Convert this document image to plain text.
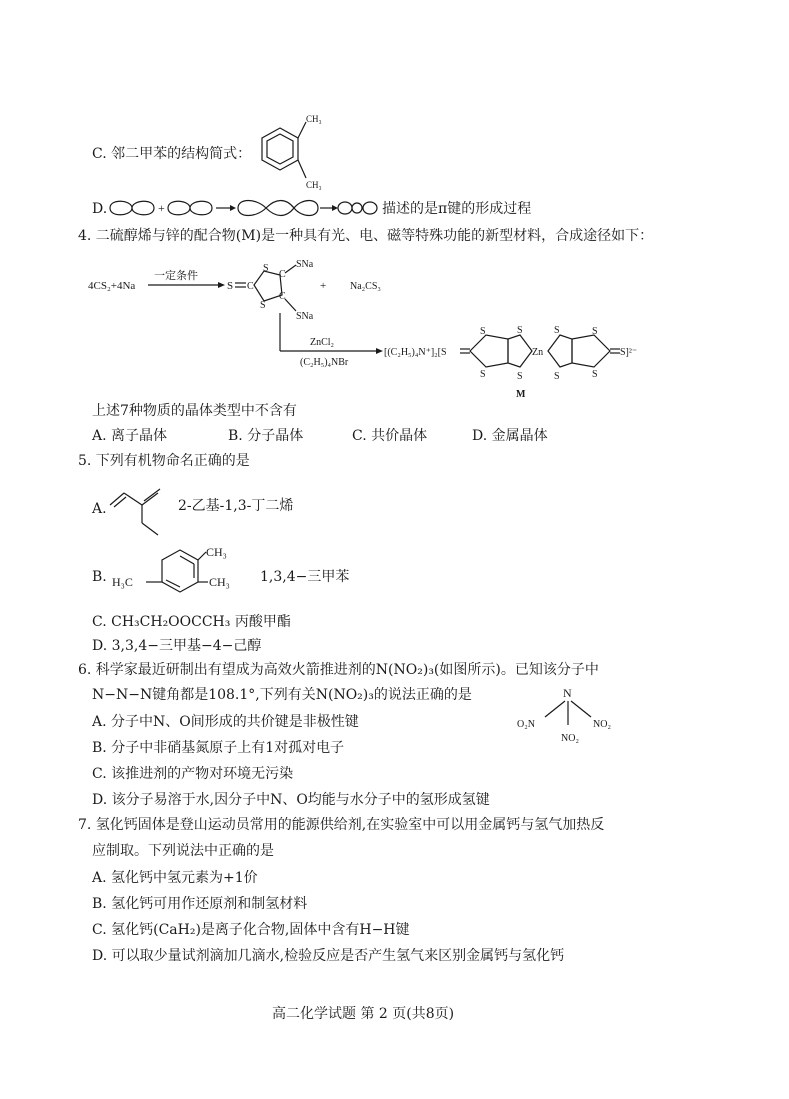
C. 邻二甲苯的结构简式：
CH₃
CH₃
D.	+	描述的是π键的形成过程
4. 二硫醇烯与锌的配合物(M)是一种具有光、电、磁等特殊功能的新型材料，合成途径如下：
4CS₂+4Na
一定条件
S C
S
S
C
C
SNa
SNa
+ Na₂CS₃
ZnCl₂
(C₂H₅)₄NBr
[(C₂H₅)₄N⁺]₂[S
S
S
S
S
Zn
S
S
S
S
S]²⁻
M
上述7种物质的晶体类型中不含有
A. 离子晶体	B. 分子晶体	C. 共价晶体	D. 金属晶体
5. 下列有机物命名正确的是
A.	2-乙基-1,3-丁二烯
B.
CH₃
H₃C	CH₃ 1,3,4−三甲苯
C. CH₃CH₂OOCCH₃ 丙酸甲酯
D. 3,3,4−三甲基−4−己醇
6. 科学家最近研制出有望成为高效火箭推进剂的N(NO₂)₃(如图所示)。已知该分子中
N−N−N键角都是108.1°,下列有关N(NO₂)₃的说法正确的是	N
O₂N	NO₂
NO₂
A. 分子中N、O间形成的共价键是非极性键
B. 分子中非硝基氮原子上有1对孤对电子
C. 该推进剂的产物对环境无污染
D. 该分子易溶于水,因分子中N、O均能与水分子中的氢形成氢键
7. 氢化钙固体是登山运动员常用的能源供给剂,在实验室中可以用金属钙与氢气加热反
应制取。下列说法中正确的是
A. 氢化钙中氢元素为+1价
B. 氢化钙可用作还原剂和制氢材料
C. 氢化钙(CaH₂)是离子化合物,固体中含有H−H键
D. 可以取少量试剂滴加几滴水,检验反应是否产生氢气来区别金属钙与氢化钙
高二化学试题 第 2 页(共8页)
